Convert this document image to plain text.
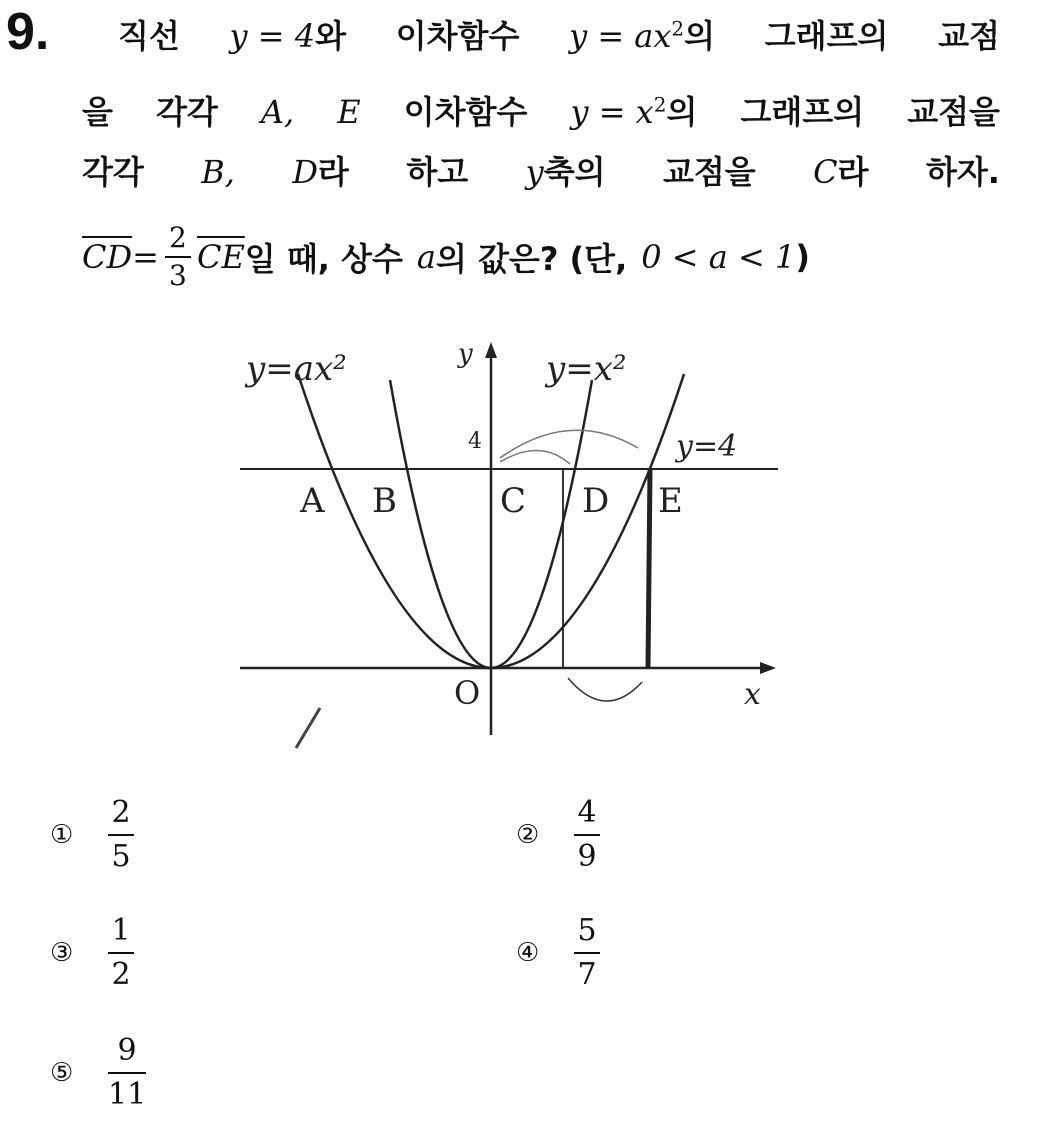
9. 직선 y = 4와 이차함수 $y = ax^2$의 그래프의 교점
을 각각 A, E 이차함수 $y = x^2$의 그래프의 교점을
각각 B, D라 하고 y축의 교점을 C라 하자.
$\overline{CD} = \frac{2}{3} \overline{CE}$ 일 때, 상수 a 의 값은? (단, 0 < a < 1 )
y=ax²	y y=x²
4	y=4
A B	C D E
O	x
①	$\frac{2}{5}$	②	$\frac{4}{9}$
③	$\frac{1}{2}$	④	$\frac{5}{7}$
⑤	$\frac{9}{11}$
